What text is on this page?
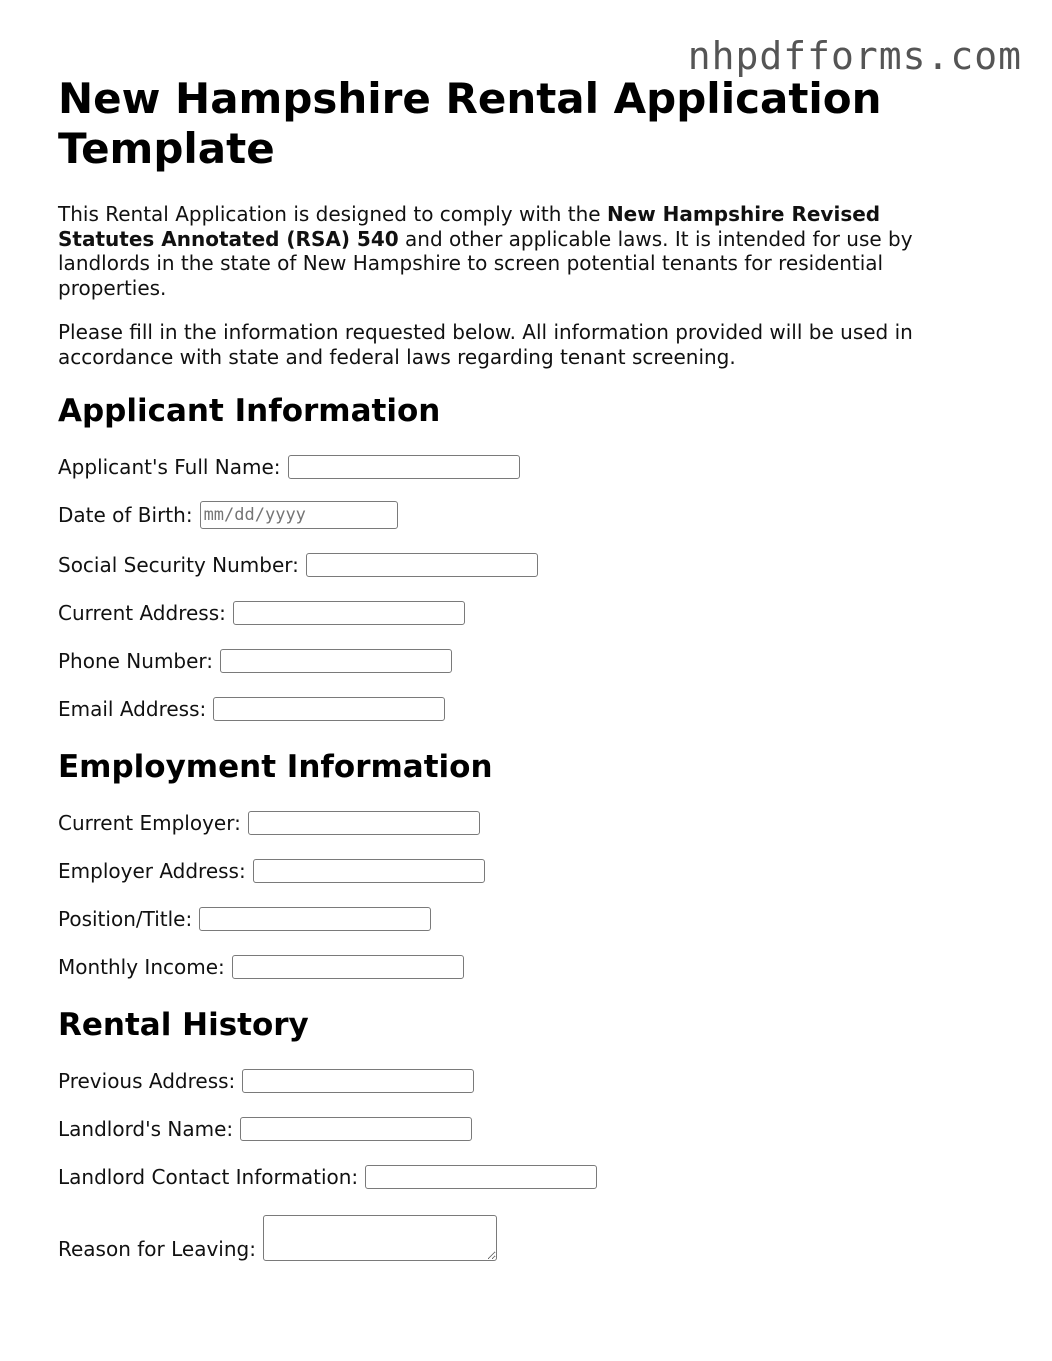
nhpdfforms.com
New Hampshire Rental Application Template

This Rental Application is designed to comply with the New Hampshire Revised Statutes Annotated (RSA) 540 and other applicable laws. It is intended for use by landlords in the state of New Hampshire to screen potential tenants for residential properties.

Please fill in the information requested below. All information provided will be used in accordance with state and federal laws regarding tenant screening.

Applicant Information
Applicant's Full Name:
Date of Birth:
mm/dd/yyyy
Social Security Number:
Current Address:
Phone Number:
Email Address:
Employment Information
Current Employer:
Employer Address:
Position/Title:
Monthly Income:
Rental History
Previous Address:
Landlord's Name:
Landlord Contact Information:
Reason for Leaving:
